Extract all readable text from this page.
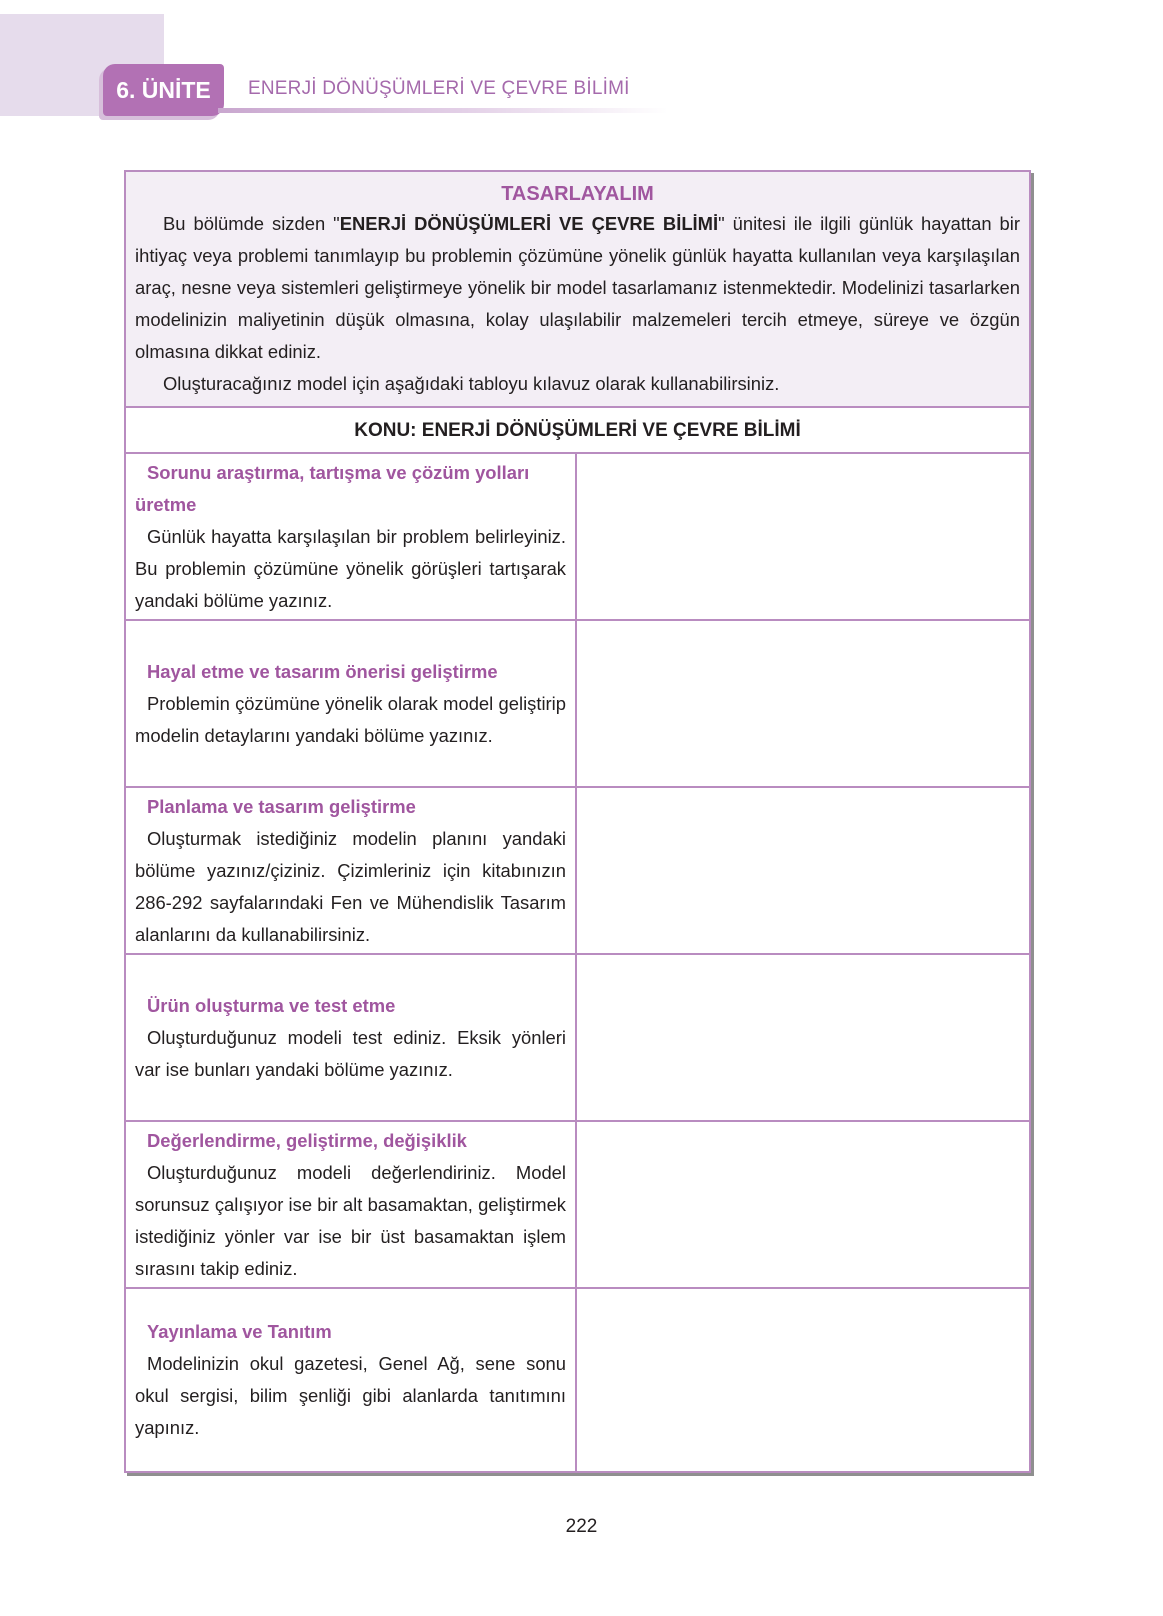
6. ÜNİTE	ENERJİ DÖNÜŞÜMLERİ VE ÇEVRE BİLİMİ

TASARLAYALIM

Bu bölümde sizden "ENERJİ DÖNÜŞÜMLERİ VE ÇEVRE BİLİMİ" ünitesi ile ilgili günlük hayattan bir ihtiyaç veya problemi tanımlayıp bu problemin çözümüne yönelik günlük hayatta kullanılan veya karşılaşılan araç, nesne veya sistemleri geliştirmeye yönelik bir model tasarlamanız istenmektedir. Modelinizi tasarlarken modelinizin maliyetinin düşük olmasına, kolay ulaşılabilir malzemeleri tercih etmeye, süreye ve özgün olmasına dikkat ediniz.

Oluşturacağınız model için aşağıdaki tabloyu kılavuz olarak kullanabilirsiniz.

KONU: ENERJİ DÖNÜŞÜMLERİ VE ÇEVRE BİLİMİ

Sorunu araştırma, tartışma ve çözüm yolları üretme

Günlük hayatta karşılaşılan bir problem belirleyiniz. Bu problemin çözümüne yönelik görüşleri tartışarak yandaki bölüme yazınız.

Hayal etme ve tasarım önerisi geliştirme

Problemin çözümüne yönelik olarak model geliştirip modelin detaylarını yandaki bölüme yazınız.

Planlama ve tasarım geliştirme

Oluşturmak istediğiniz modelin planını yandaki bölüme yazınız/çiziniz. Çizimleriniz için kitabınızın 286-292 sayfalarındaki Fen ve Mühendislik Tasarım alanlarını da kullanabilirsiniz.

Ürün oluşturma ve test etme

Oluşturduğunuz modeli test ediniz. Eksik yönleri var ise bunları yandaki bölüme yazınız.

Değerlendirme, geliştirme, değişiklik

Oluşturduğunuz modeli değerlendiriniz. Model sorunsuz çalışıyor ise bir alt basamaktan, geliştirmek istediğiniz yönler var ise bir üst basamaktan işlem sırasını takip ediniz.

Yayınlama ve Tanıtım

Modelinizin okul gazetesi, Genel Ağ, sene sonu okul sergisi, bilim şenliği gibi alanlarda tanıtımını yapınız.

222
